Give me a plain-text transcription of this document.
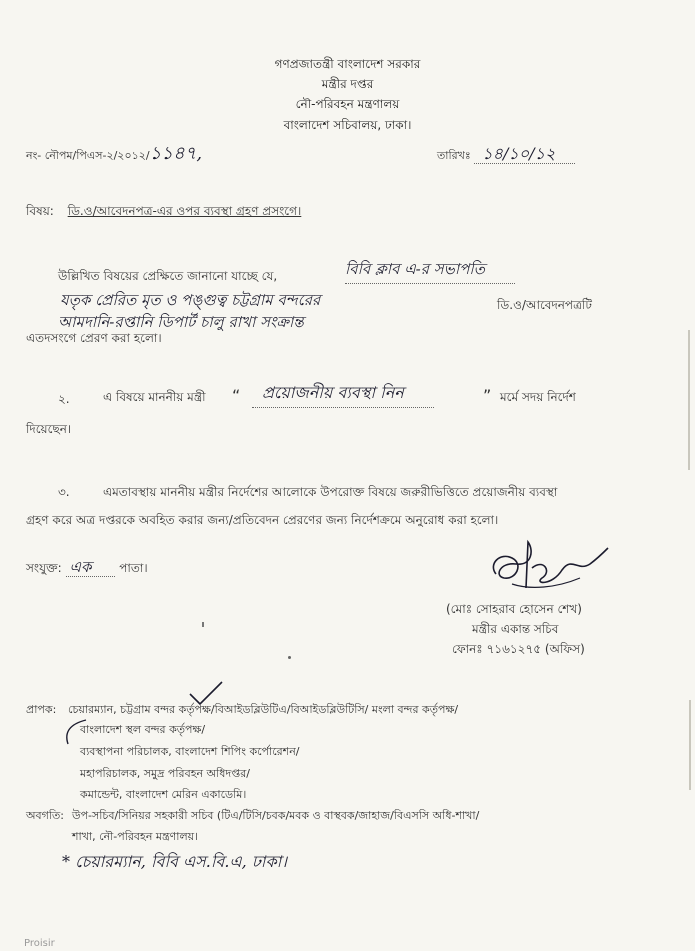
গণপ্রজাতন্ত্রী বাংলাদেশ সরকার
মন্ত্রীর দপ্তর
নৌ-পরিবহন মন্ত্রণালয়
বাংলাদেশ সচিবালয়, ঢাকা।
নং- নৌপম/পিএস-২/২০১২/১১৪৭,	তারিখঃ ১৪/১০/১২
বিষয়: ডি.ও/আবেদনপত্র-এর ওপর ব্যবস্থা গ্রহণ প্রসংগে।
উল্লিখিত বিষয়ের প্রেক্ষিতে জানানো যাচ্ছে যে,	বিবি ক্লাব এ-র সভাপতি
যতৃক প্রেরিত মৃত ও পঙ্গুত্ব চট্টগ্রাম বন্দরের	ডি.ও/আবেদনপত্রটি
আমদানি-রপ্তানি ডিপার্ট চালু রাখা সংক্রান্ত
এতদসংগে প্রেরণ করা হলো।
২.	এ বিষয়ে মাননীয় মন্ত্রী “	প্রয়োজনীয় ব্যবস্থা নিন	” মর্মে সদয় নির্দেশ
দিয়েছেন।
৩.	এমতাবস্থায় মাননীয় মন্ত্রীর নির্দেশের আলোকে উপরোক্ত বিষয়ে জরুরীভিত্তিতে প্রয়োজনীয় ব্যবস্থা
গ্রহণ করে অত্র দপ্তরকে অবহিত করার জন্য/প্রতিবেদন প্রেরণের জন্য নির্দেশক্রমে অনুরোধ করা হলো।
সংযুক্ত: এক পাতা।
(মোঃ সোহরাব হোসেন শেখ)
মন্ত্রীর একান্ত সচিব
ফোনঃ ৭১৬১২৭৫ (অফিস)
প্রাপক: চেয়ারম্যান, চট্টগ্রাম বন্দর কর্তৃপক্ষ/বিআইডব্লিউটিএ/বিআইডব্লিউটিসি/ মংলা বন্দর কর্তৃপক্ষ/
বাংলাদেশ স্থল বন্দর কর্তৃপক্ষ/
ব্যবস্থাপনা পরিচালক, বাংলাদেশ শিপিং কর্পোরেশন/
মহাপরিচালক, সমুদ্র পরিবহন অধিদপ্তর/
কমান্ডেন্ট, বাংলাদেশ মেরিন একাডেমি।
অবগতি: উপ-সচিব/সিনিয়র সহকারী সচিব (টিএ/টিসি/চবক/মবক ও বাস্থবক/জাহাজ/বিএসসি অধি-শাখা/
শাখা, নৌ-পরিবহন মন্ত্রণালয়।
* চেয়ারম্যান, বিবি এস.বি.এ, ঢাকা।
Proisir
